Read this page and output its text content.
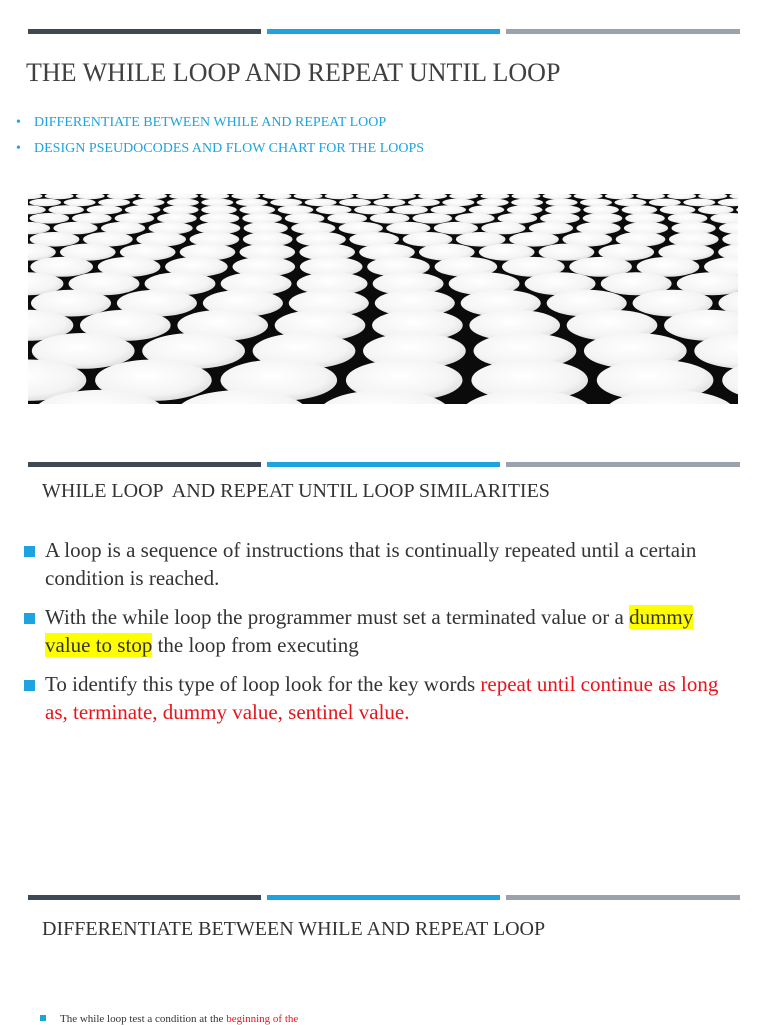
THE WHILE LOOP AND REPEAT UNTIL LOOP
• DIFFERENTIATE BETWEEN WHILE AND REPEAT LOOP
• DESIGN PSEUDOCODES AND FLOW CHART FOR THE LOOPS
WHILE LOOP  AND REPEAT UNTIL LOOP SIMILARITIES
A loop is a sequence of instructions that is continually repeated until a certain condition is reached.
With the while loop the programmer must set a terminated value or a dummy value to stop the loop from executing
To identify this type of loop look for the key words repeat until continue as long as, terminate, dummy value, sentinel value.
DIFFERENTIATE BETWEEN WHILE AND REPEAT LOOP
The while loop test a condition at the beginning of the
